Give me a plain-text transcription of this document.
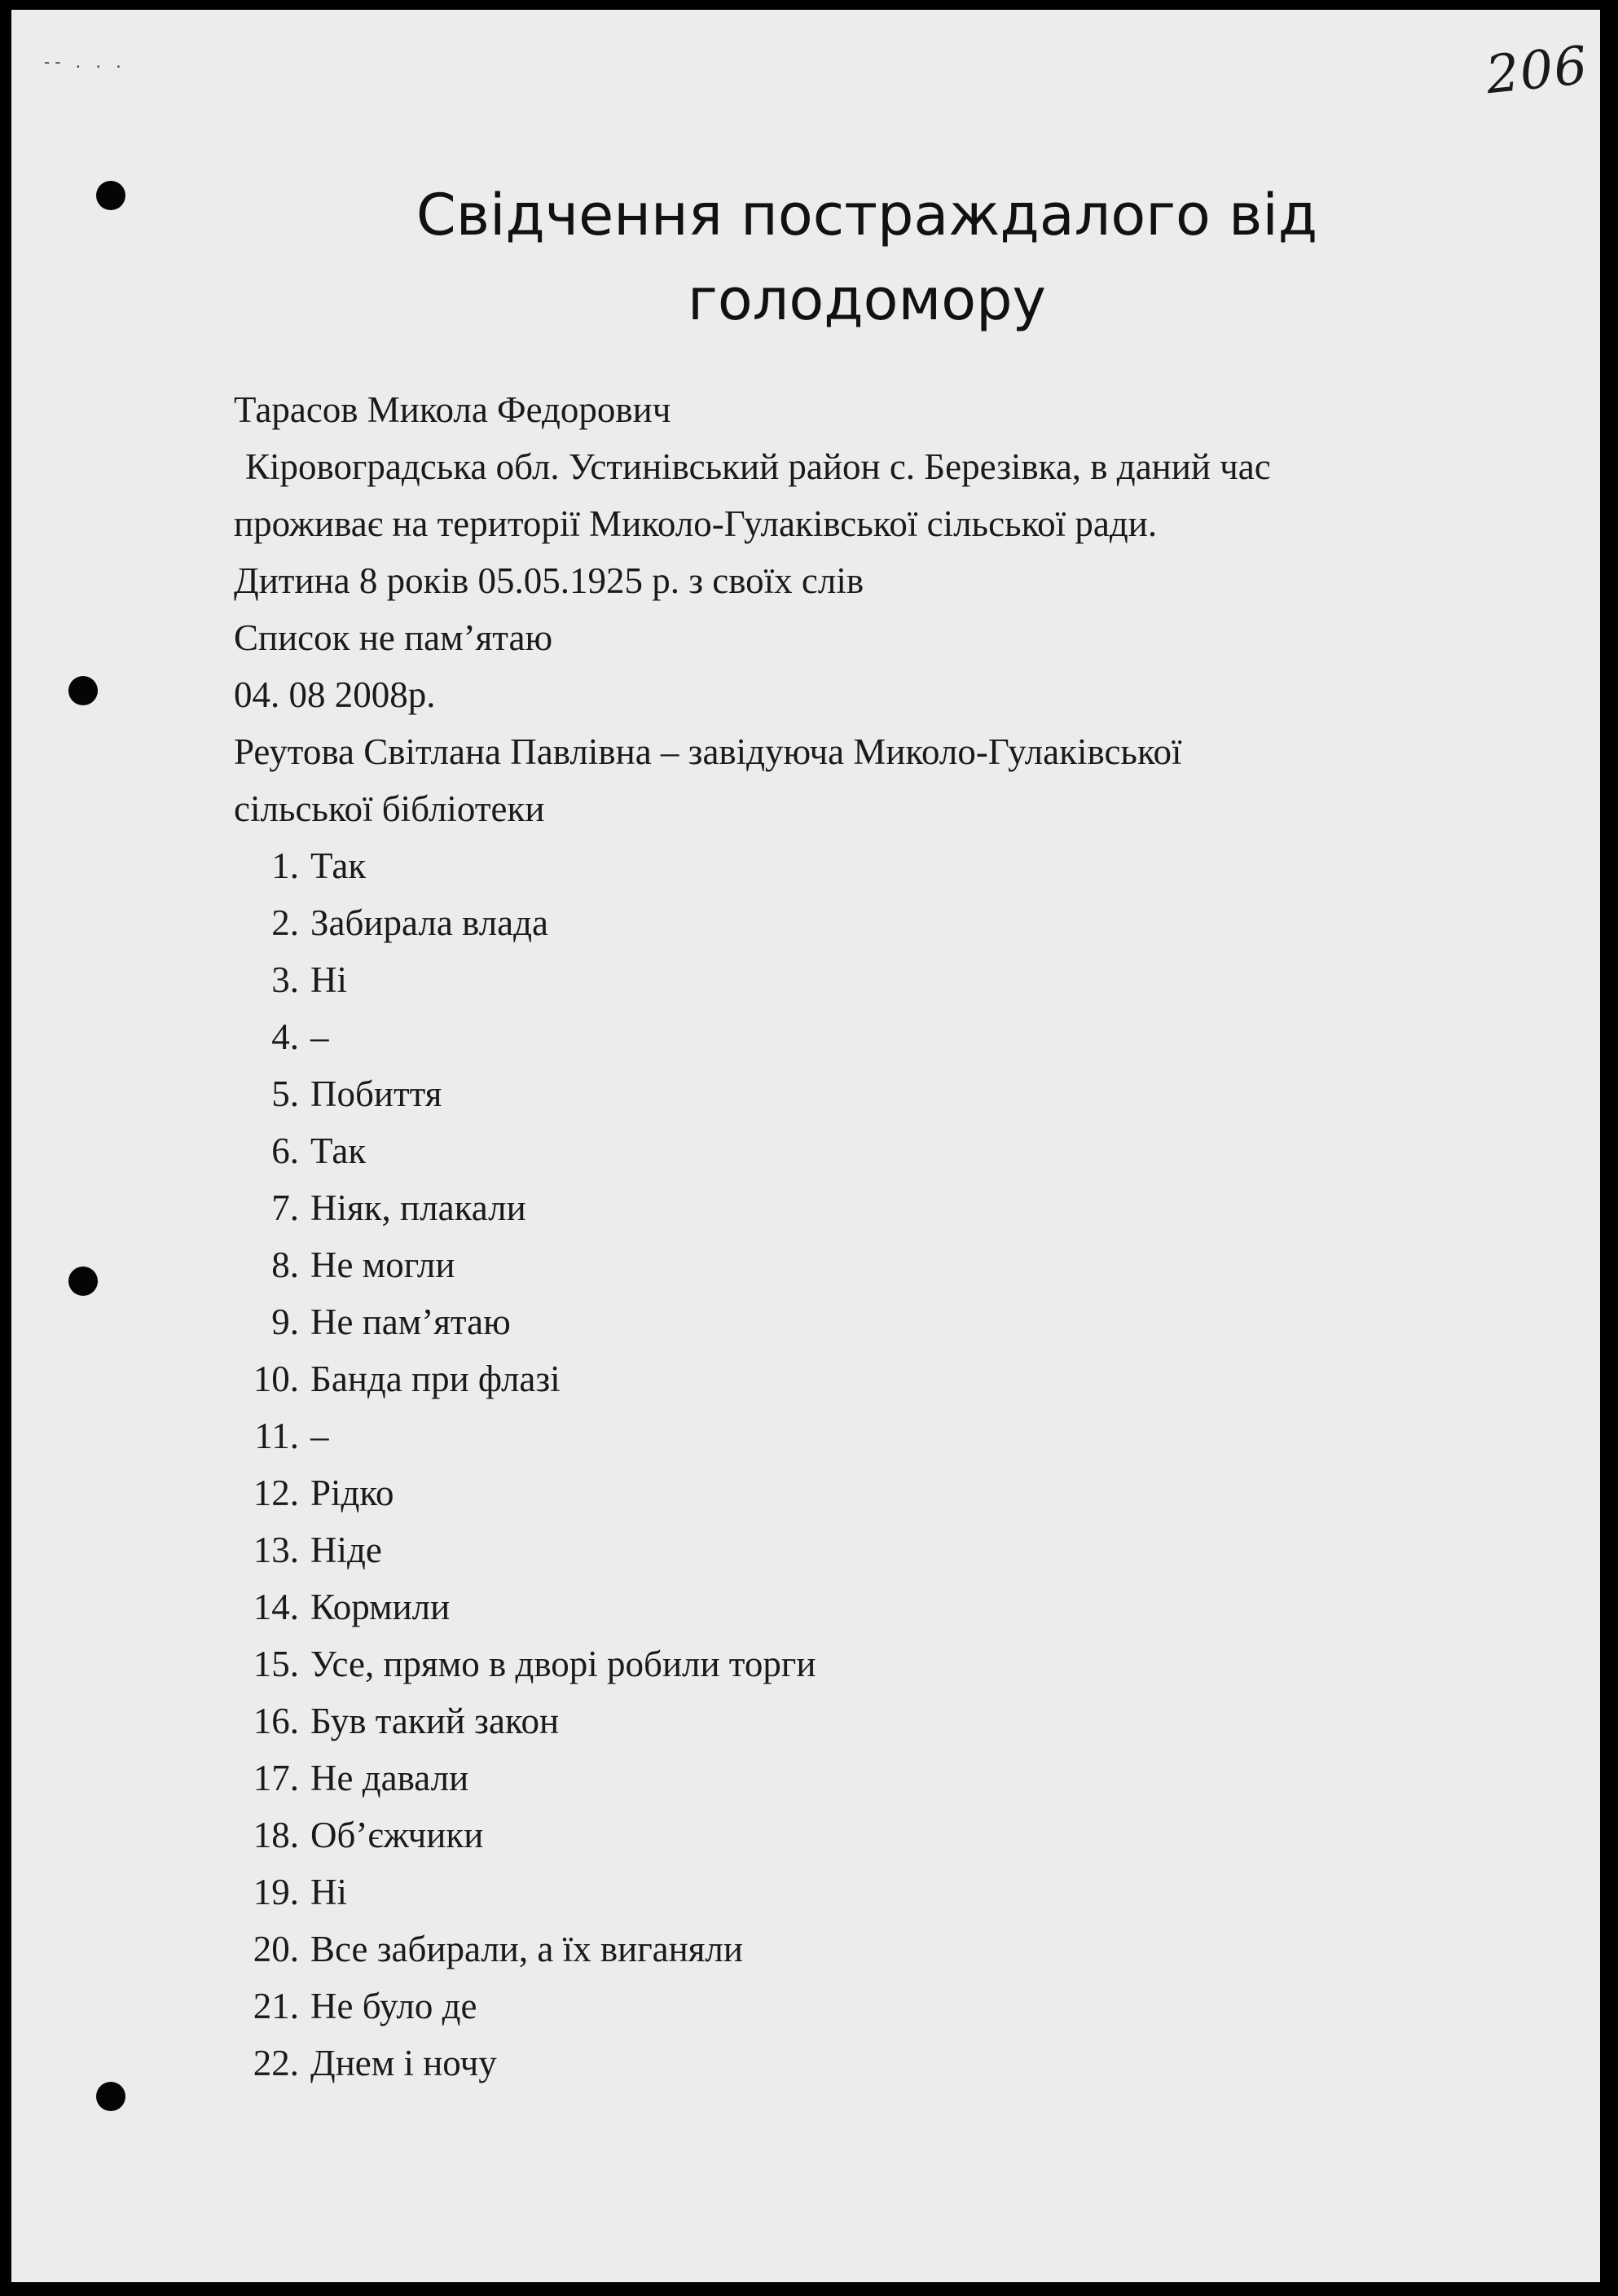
-- . . .	206
Свідчення постраждалого від
голодомору
Тарасов Микола Федорович
Кіровоградська обл. Устинівський район с. Березівка, в даний час
проживає на території Миколо-Гулаківської сільської ради.
Дитина 8 років 05.05.1925 р. з своїх слів
Список не пам’ятаю
04. 08 2008р.
Реутова Світлана Павлівна – завідуюча Миколо-Гулаківської
сільської бібліотеки
1. Так
2. Забирала влада
3. Ні
4. –
5. Побиття
6. Так
7. Ніяк, плакали
8. Не могли
9. Не пам’ятаю
10. Банда при флазі
11. –
12. Рідко
13. Ніде
14. Кормили
15. Усе, прямо в дворі робили торги
16. Був такий закон
17. Не давали
18. Об’єжчики
19. Ні
20. Все забирали, а їх виганяли
21. Не було де
22. Днем і ночу
